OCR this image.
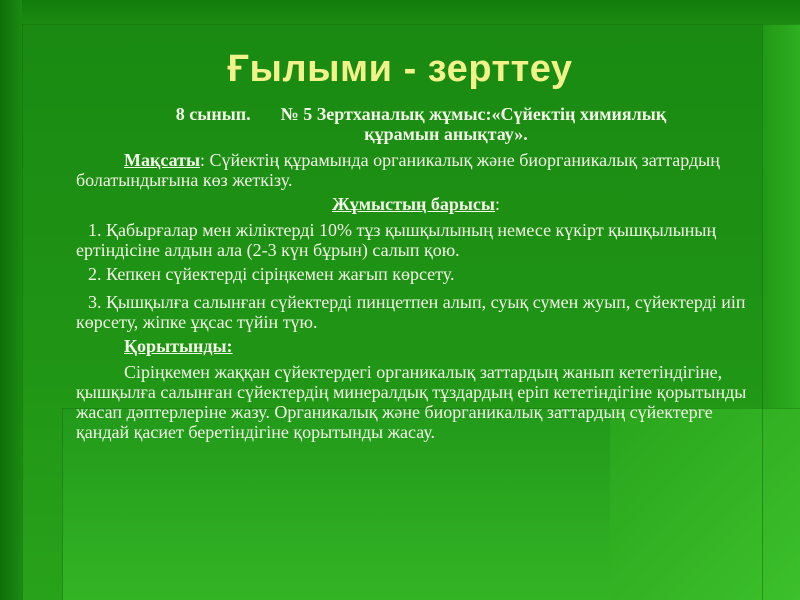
Ғылыми - зерттеу

8 сынып. № 5 Зертханалық жұмыс:«Сүйектің химиялық

құрамын анықтау».

Мақсаты: Сүйектің құрамында органикалық және биорганикалық заттардың болатындығына көз жеткізу.

Жұмыстың барысы:

1. Қабырғалар мен жіліктерді 10% тұз қышқылының немесе күкірт қышқылының ертіндісіне алдын ала (2-3 күн бұрын) салып қою.

2. Кепкен сүйектерді сіріңкемен жағып көрсету.

3. Қышқылға салынған сүйектерді пинцетпен алып, суық сумен жуып, сүйектерді иіп көрсету, жіпке ұқсас түйін түю.

Қорытынды:

Сіріңкемен жаққан сүйектердегі органикалық заттардың жанып кететіндігіне, қышқылға салынған сүйектердің минералдық тұздардың еріп кететіндігіне қорытынды жасап дәптерлеріне жазу. Органикалық және биорганикалық заттардың сүйектерге қандай қасиет беретіндігіне қорытынды жасау.
